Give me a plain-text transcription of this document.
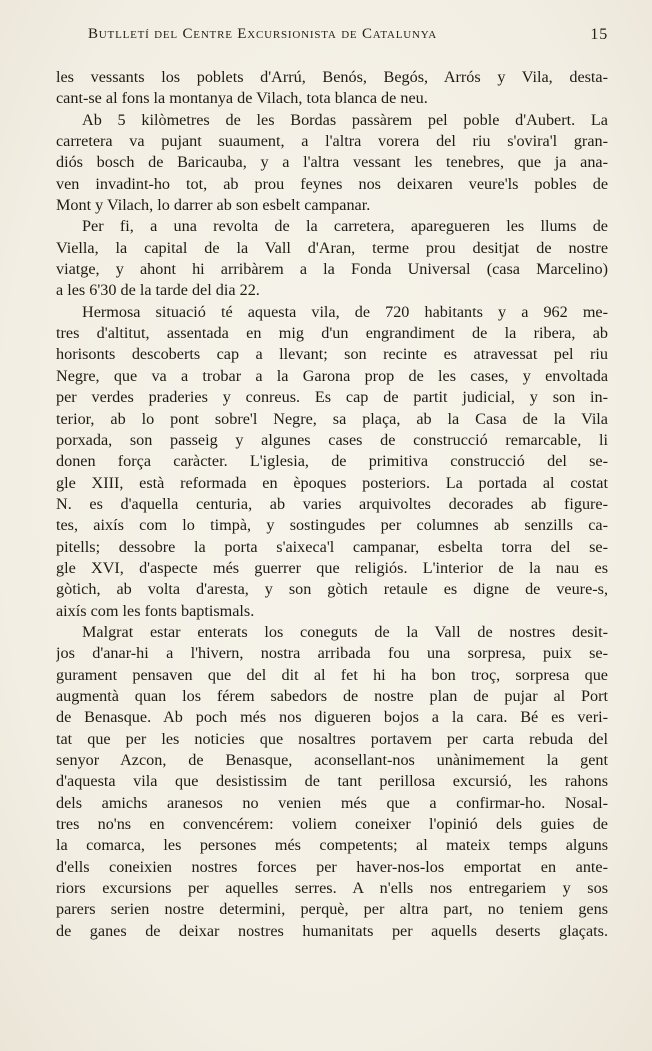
Butlletí del Centre Excursionista de Catalunya	15
les vessants los poblets d'Arrú, Benós, Begós, Arrós y Vila, desta-
cant-se al fons la montanya de Vilach, tota blanca de neu.
Ab 5 kilòmetres de les Bordas passàrem pel poble d'Aubert. La
carretera va pujant suaument, a l'altra vorera del riu s'ovira'l gran-
diós bosch de Baricauba, y a l'altra vessant les tenebres, que ja ana-
ven invadint-ho tot, ab prou feynes nos deixaren veure'ls pobles de
Mont y Vilach, lo darrer ab son esbelt campanar.
Per fi, a una revolta de la carretera, aparegueren les llums de
Viella, la capital de la Vall d'Aran, terme prou desitjat de nostre
viatge, y ahont hi arribàrem a la Fonda Universal (casa Marcelino)
a les 6'30 de la tarde del dia 22.
Hermosa situació té aquesta vila, de 720 habitants y a 962 me-
tres d'altitut, assentada en mig d'un engrandiment de la ribera, ab
horisonts descoberts cap a llevant; son recinte es atravessat pel riu
Negre, que va a trobar a la Garona prop de les cases, y envoltada
per verdes praderies y conreus. Es cap de partit judicial, y son in-
terior, ab lo pont sobre'l Negre, sa plaça, ab la Casa de la Vila
porxada, son passeig y algunes cases de construcció remarcable, li
donen força caràcter. L'iglesia, de primitiva construcció del se-
gle XIII, està reformada en èpoques posteriors. La portada al costat
N. es d'aquella centuria, ab varies arquivoltes decorades ab figure-
tes, aixís com lo timpà, y sostingudes per columnes ab senzills ca-
pitells; dessobre la porta s'aixeca'l campanar, esbelta torra del se-
gle XVI, d'aspecte més guerrer que religiós. L'interior de la nau es
gòtich, ab volta d'aresta, y son gòtich retaule es digne de veure-s,
aixís com les fonts baptismals.
Malgrat estar enterats los coneguts de la Vall de nostres desit-
jos d'anar-hi a l'hivern, nostra arribada fou una sorpresa, puix se-
gurament pensaven que del dit al fet hi ha bon troç, sorpresa que
augmentà quan los férem sabedors de nostre plan de pujar al Port
de Benasque. Ab poch més nos digueren bojos a la cara. Bé es veri-
tat que per les noticies que nosaltres portavem per carta rebuda del
senyor Azcon, de Benasque, aconsellant-nos unànimement la gent
d'aquesta vila que desistissim de tant perillosa excursió, les rahons
dels amichs aranesos no venien més que a confirmar-ho. Nosal-
tres no'ns en convencérem: voliem coneixer l'opinió dels guies de
la comarca, les persones més competents; al mateix temps alguns
d'ells coneixien nostres forces per haver-nos-los emportat en ante-
riors excursions per aquelles serres. A n'ells nos entregariem y sos
parers serien nostre determini, perquè, per altra part, no teniem gens
de ganes de deixar nostres humanitats per aquells deserts glaçats.
